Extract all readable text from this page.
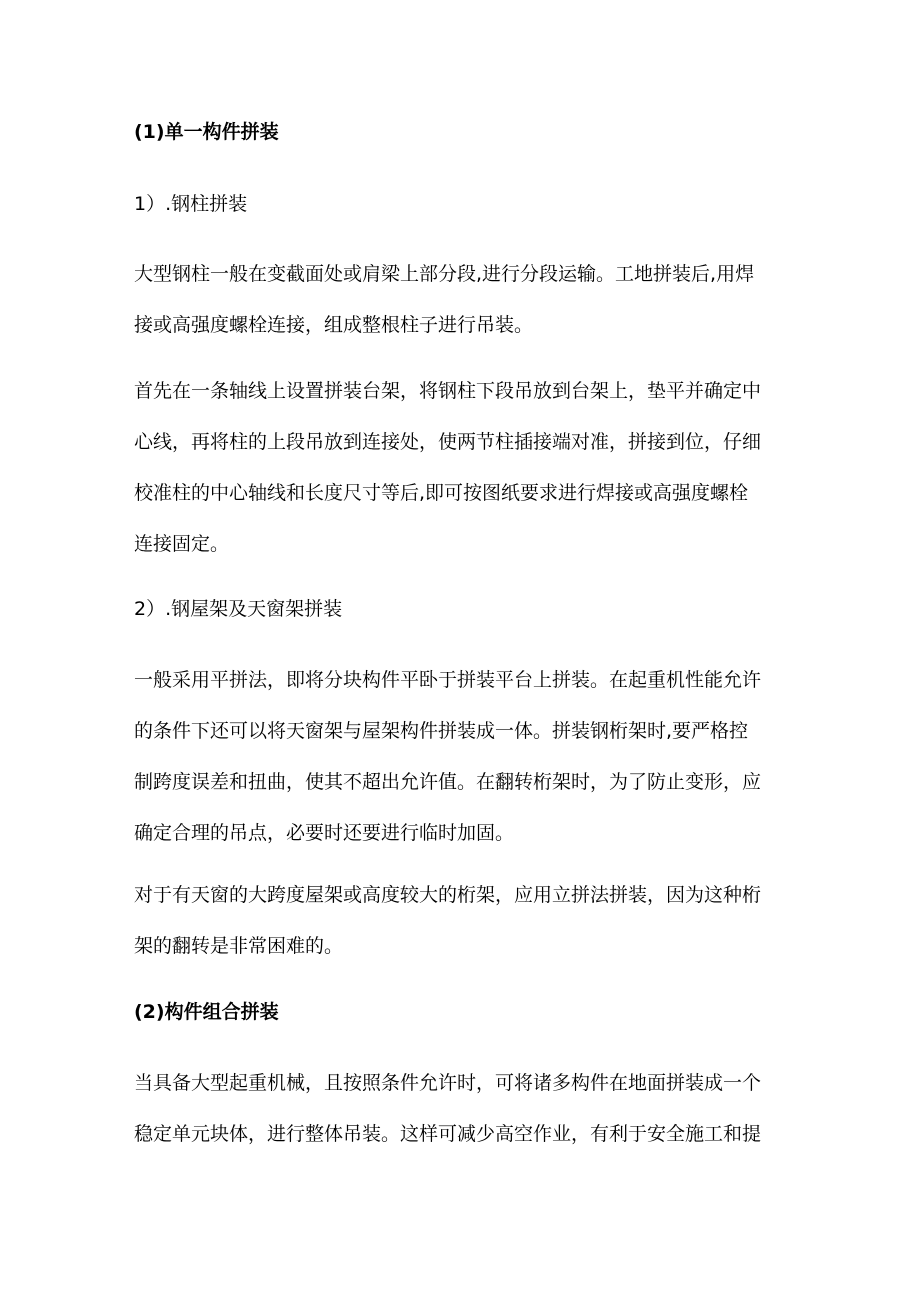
(1)单一构件拼装

1）.钢柱拼装

大型钢柱一般在变截面处或肩梁上部分段,进行分段运输。工地拼装后,用焊
接或高强度螺栓连接，组成整根柱子进行吊装。

首先在一条轴线上设置拼装台架，将钢柱下段吊放到台架上，垫平并确定中
心线，再将柱的上段吊放到连接处，使两节柱插接端对准，拼接到位，仔细
校准柱的中心轴线和长度尺寸等后,即可按图纸要求进行焊接或高强度螺栓
连接固定。

2）.钢屋架及天窗架拼装

一般采用平拼法，即将分块构件平卧于拼装平台上拼装。在起重机性能允许
的条件下还可以将天窗架与屋架构件拼装成一体。拼装钢桁架时,要严格控
制跨度误差和扭曲，使其不超出允许值。在翻转桁架时，为了防止变形，应
确定合理的吊点，必要时还要进行临时加固。

对于有天窗的大跨度屋架或高度较大的桁架，应用立拼法拼装，因为这种桁
架的翻转是非常困难的。

(2)构件组合拼装

当具备大型起重机械，且按照条件允许时，可将诸多构件在地面拼装成一个
稳定单元块体，进行整体吊装。这样可减少高空作业，有利于安全施工和提
